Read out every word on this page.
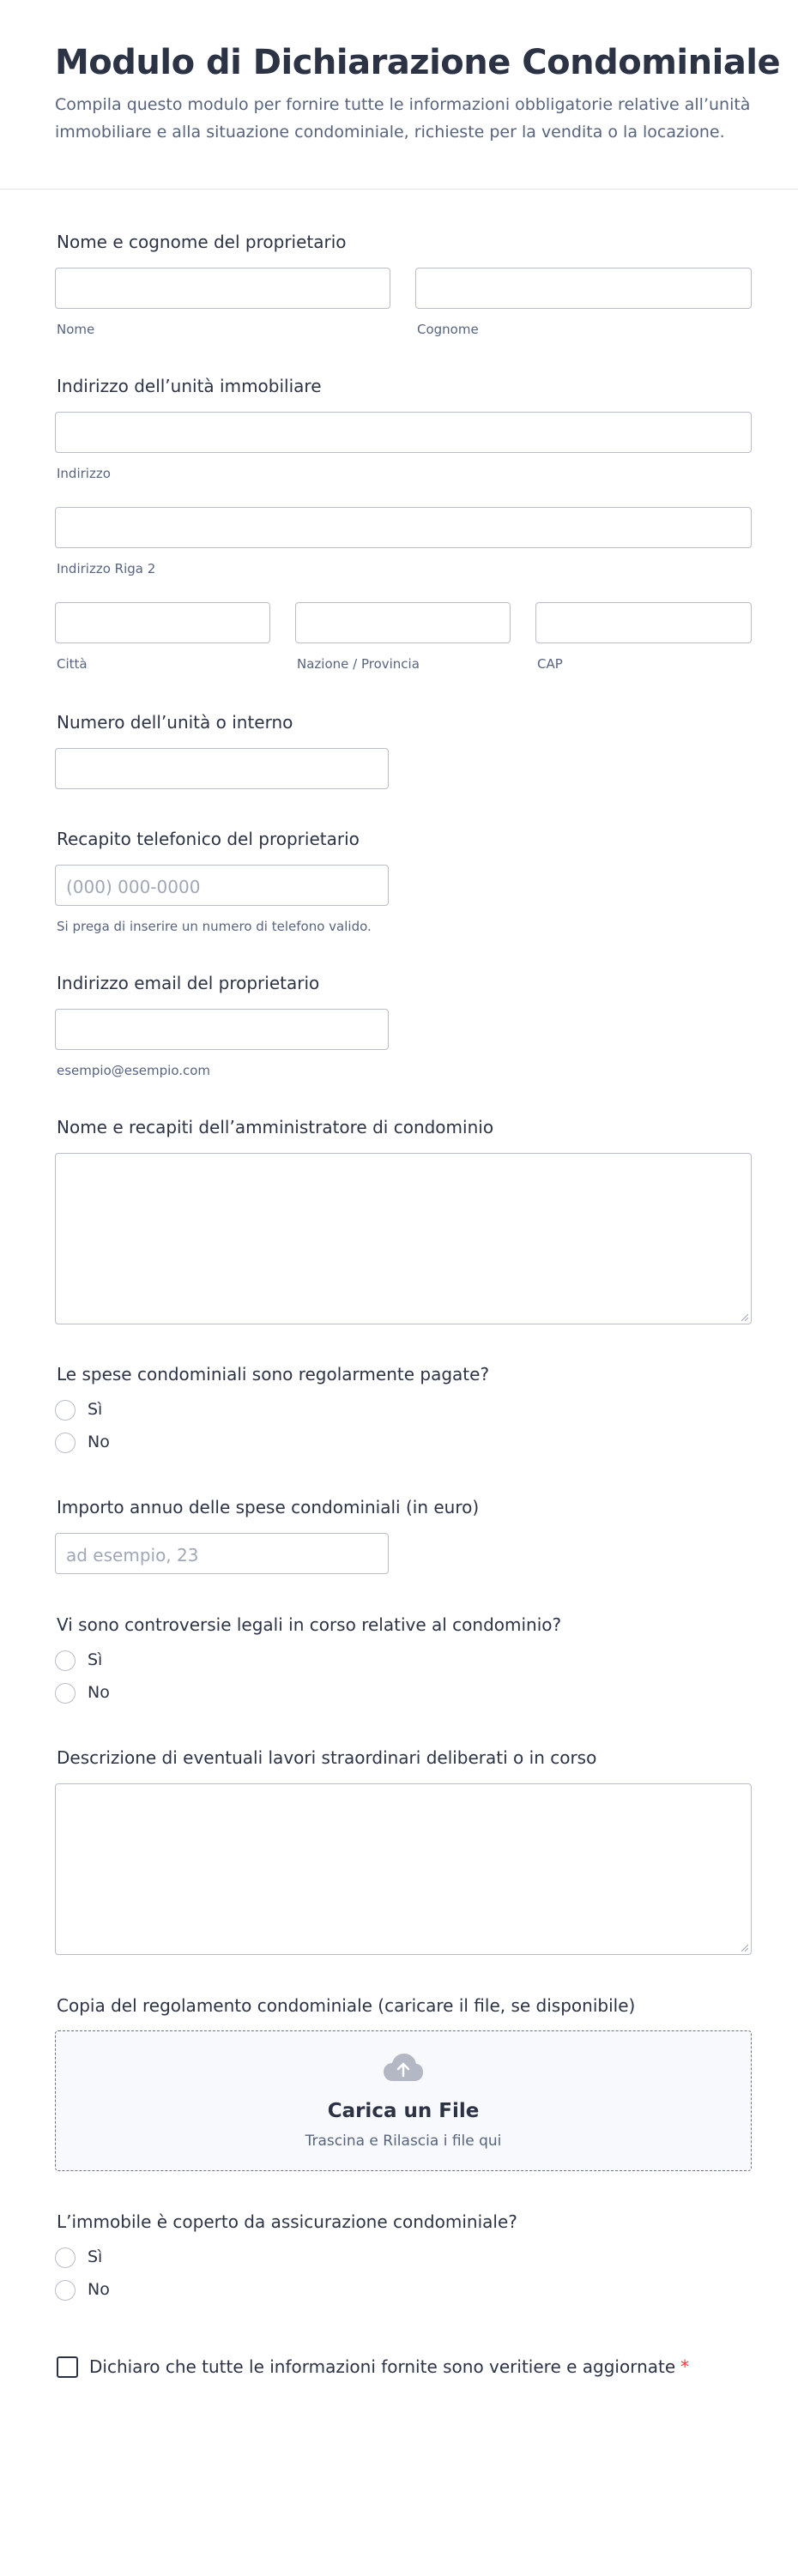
Modulo di Dichiarazione Condominiale
Compila questo modulo per fornire tutte le informazioni obbligatorie relative all’unità immobiliare e alla situazione condominiale, richieste per la vendita o la locazione.
Nome e cognome del proprietario
Nome	Cognome
Indirizzo dell’unità immobiliare
Indirizzo
Indirizzo Riga 2
Città	Nazione / Provincia	CAP
Numero dell’unità o interno
Recapito telefonico del proprietario
(000) 000-0000
Si prega di inserire un numero di telefono valido.
Indirizzo email del proprietario
esempio@esempio.com
Nome e recapiti dell’amministratore di condominio
Le spese condominiali sono regolarmente pagate?
Sì
No
Importo annuo delle spese condominiali (in euro)
ad esempio, 23
Vi sono controversie legali in corso relative al condominio?
Sì
No
Descrizione di eventuali lavori straordinari deliberati o in corso
Copia del regolamento condominiale (caricare il file, se disponibile)
Carica un File
Trascina e Rilascia i file qui
L’immobile è coperto da assicurazione condominiale?
Sì
No
Dichiaro che tutte le informazioni fornite sono veritiere e aggiornate *
